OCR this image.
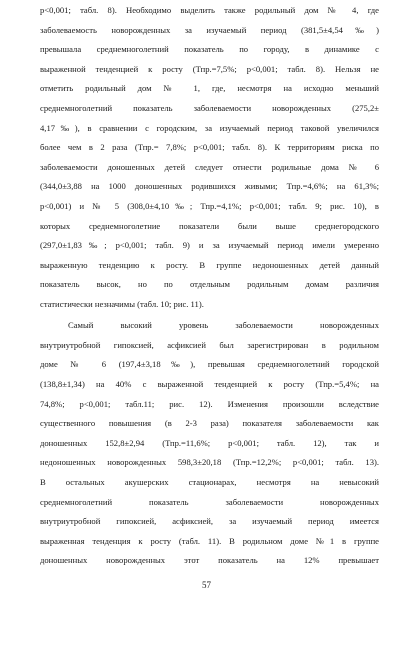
р<0,001; табл. 8). Необходимо выделить также родильный дом № 4, где
заболеваемость новорожденных за изучаемый период (381,5±4,54‰)
превышала среднемноголетний показатель по городу, в динамике с
выраженной тенденцией к росту (Тпр.=7,5%; р<0,001; табл. 8). Нельзя не
отметить родильный дом № 1, где, несмотря на исходно меньший
среднемноголетний показатель заболеваемости новорожденных (275,2±
4,17‰), в сравнении с городским, за изучаемый период таковой увеличился
более чем в 2 раза (Тпр.= 7,8%; р<0,001; табл. 8). К территориям риска по
заболеваемости доношенных детей следует отнести родильные дома № 6
(344,0±3,88 на 1000 доношенных родившихся живыми; Тпр.=4,6%; на 61,3%;
р<0,001) и № 5 (308,0±4,10‰; Тпр.=4,1%; р<0,001; табл. 9; рис. 10), в
которых среднемноголетние показатели были выше среднегородского
(297,0±1,83‰; р<0,001; табл. 9) и за изучаемый период имели умеренно
выраженную тенденцию к росту. В группе недоношенных детей данный
показатель высок, но по отдельным родильным домам различия
статистически незначимы (табл. 10; рис. 11).
Самый высокий уровень заболеваемости новорожденных
внутриутробной гипоксией, асфиксией был зарегистрирован в родильном
доме № 6 (197,4±3,18‰), превышая среднемноголетний городской
(138,8±1,34) на 40% с выраженной тенденцией к росту (Тпр.=5,4%; на
74,8%; р<0,001; табл.11; рис. 12). Изменения произошли вследствие
существенного повышения (в 2-3 раза) показателя заболеваемости как
доношенных 152,8±2,94 (Тпр.=11,6%; р<0,001; табл. 12), так и
недоношенных новорожденных 598,3±20,18 (Тпр.=12,2%; р<0,001; табл. 13).
В остальных акушерских стационарах, несмотря на невысокий
среднемноголетний показатель заболеваемости новорожденных
внутриутробной гипоксией, асфиксией, за изучаемый период имеется
выраженная тенденция к росту (табл. 11). В родильном доме №1 в группе
доношенных новорожденных этот показатель на 12% превышает
57
